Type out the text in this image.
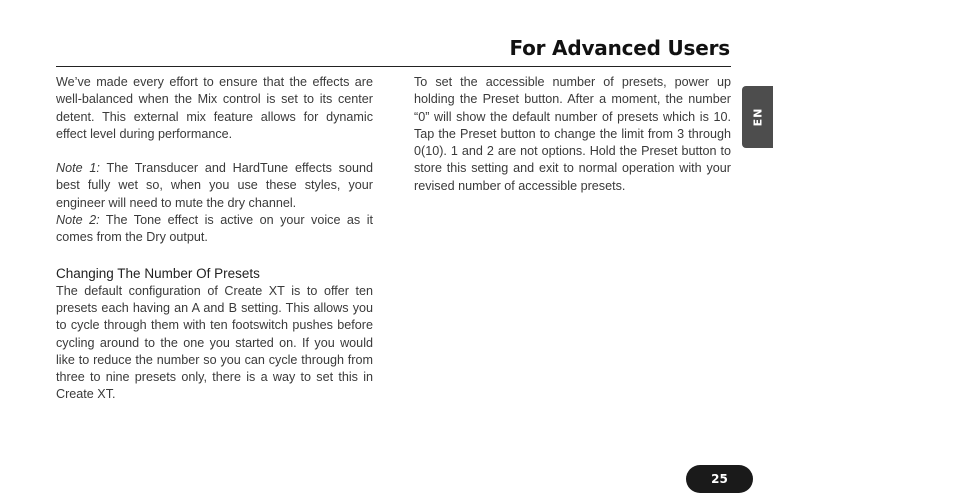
For Advanced Users

We’ve made every effort to ensure that the effects are well-balanced when the Mix control is set to its center detent. This external mix feature allows for dynamic effect level during performance.

Note 1: The Transducer and HardTune effects sound best fully wet so, when you use these styles, your engineer will need to mute the dry channel.

Note 2: The Tone effect is active on your voice as it comes from the Dry output.

Changing The Number Of Presets

The default configuration of Create XT is to offer ten presets each having an A and B setting. This allows you to cycle through them with ten footswitch pushes before cycling around to the one you started on. If you would like to reduce the number so you can cycle through from three to nine presets only, there is a way to set this in Create XT.

To set the accessible number of presets, power up holding the Preset button. After a moment, the number “0” will show the default number of presets which is 10. Tap the Preset button to change the limit from 3 through 0(10). 1 and 2 are not options. Hold the Preset button to store this setting and exit to normal operation with your revised number of accessible presets.

EN
25
